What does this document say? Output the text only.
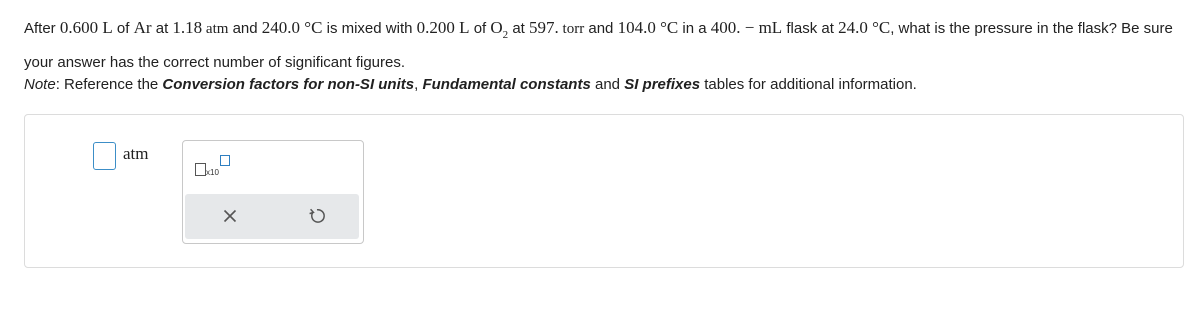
After 0.600 L of Ar at 1.18 atm and 240.0 °C is mixed with 0.200 L of $O_2$ at 597. torr and 104.0 °C in a 400. − mL flask at 24.0 °C, what is the pressure in the flask? Be sure your answer has the correct number of significant figures.
Note: Reference the Conversion factors for non-SI units, Fundamental constants and SI prefixes tables for additional information.
atm
x10
